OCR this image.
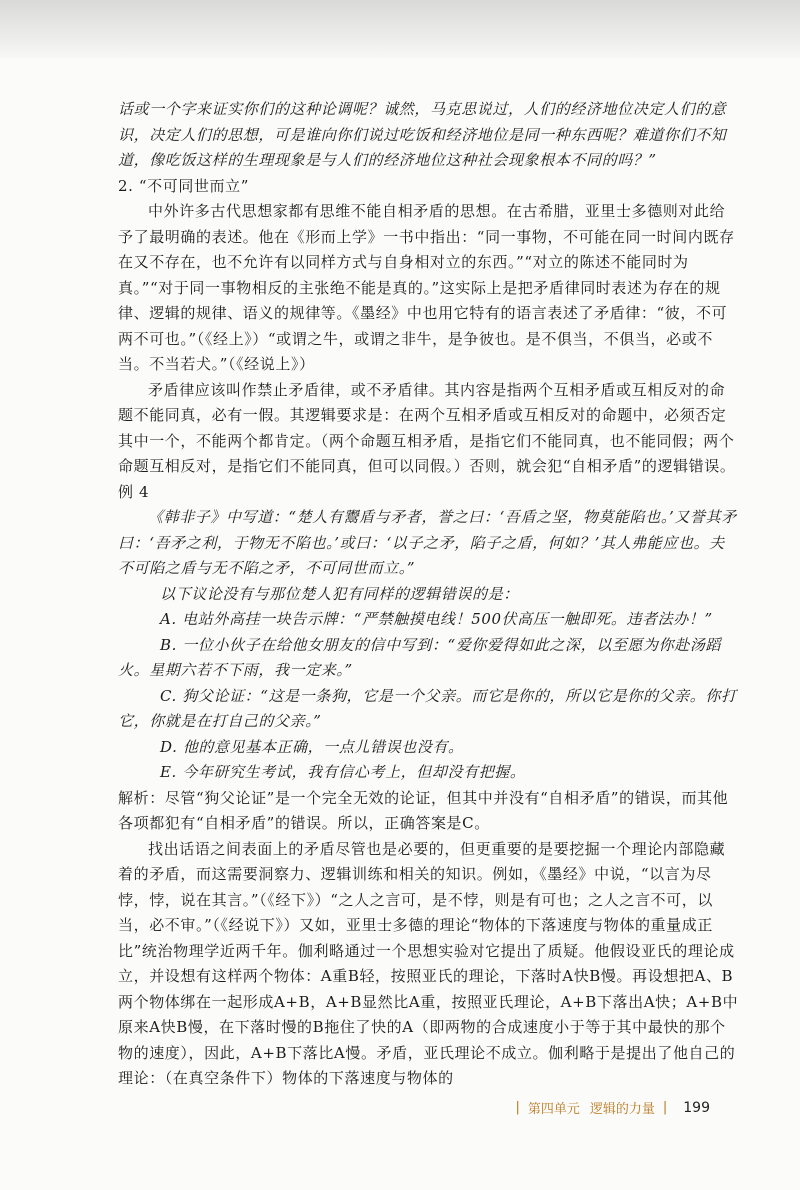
话或一个字来证实你们的这种论调呢？诚然，马克思说过，人们的经济地位决定人们的意识，决定人们的思想，可是谁向你们说过吃饭和经济地位是同一种东西呢？难道你们不知道，像吃饭这样的生理现象是与人们的经济地位这种社会现象根本不同的吗？”

2. “不可同世而立”

中外许多古代思想家都有思维不能自相矛盾的思想。在古希腊，亚里士多德则对此给予了最明确的表述。他在《形而上学》一书中指出：“同一事物，不可能在同一时间内既存在又不存在，也不允许有以同样方式与自身相对立的东西。”“对立的陈述不能同时为真。”“对于同一事物相反的主张绝不能是真的。”这实际上是把矛盾律同时表述为存在的规律、逻辑的规律、语义的规律等。《墨经》中也用它特有的语言表述了矛盾律：“彼，不可两不可也。”（《经上》）“或谓之牛，或谓之非牛，是争彼也。是不俱当，不俱当，必或不当。不当若犬。”（《经说上》）

矛盾律应该叫作禁止矛盾律，或不矛盾律。其内容是指两个互相矛盾或互相反对的命题不能同真，必有一假。其逻辑要求是：在两个互相矛盾或互相反对的命题中，必须否定其中一个，不能两个都肯定。（两个命题互相矛盾，是指它们不能同真，也不能同假；两个命题互相反对，是指它们不能同真，但可以同假。）否则，就会犯“自相矛盾”的逻辑错误。

例 4

《韩非子》中写道：“楚人有鬻盾与矛者，誉之曰：‘吾盾之坚，物莫能陷也。’又誉其矛曰：‘吾矛之利，于物无不陷也。’或曰：‘以子之矛，陷子之盾，何如？’其人弗能应也。夫不可陷之盾与无不陷之矛，不可同世而立。”

以下议论没有与那位楚人犯有同样的逻辑错误的是：

A. 电站外高挂一块告示牌：“严禁触摸电线！500伏高压一触即死。违者法办！”

B. 一位小伙子在给他女朋友的信中写到：“爱你爱得如此之深，以至愿为你赴汤蹈火。星期六若不下雨，我一定来。”

C. 狗父论证：“这是一条狗，它是一个父亲。而它是你的，所以它是你的父亲。你打它，你就是在打自己的父亲。”

D. 他的意见基本正确，一点儿错误也没有。

E. 今年研究生考试，我有信心考上，但却没有把握。

解析：尽管“狗父论证”是一个完全无效的论证，但其中并没有“自相矛盾”的错误，而其他各项都犯有“自相矛盾”的错误。所以，正确答案是C。

找出话语之间表面上的矛盾尽管也是必要的，但更重要的是要挖掘一个理论内部隐藏着的矛盾，而这需要洞察力、逻辑训练和相关的知识。例如，《墨经》中说，“以言为尽悖，悖，说在其言。”（《经下》）“之人之言可，是不悖，则是有可也；之人之言不可，以当，必不审。”（《经说下》）又如，亚里士多德的理论“物体的下落速度与物体的重量成正比”统治物理学近两千年。伽利略通过一个思想实验对它提出了质疑。他假设亚氏的理论成立，并设想有这样两个物体：A重B轻，按照亚氏的理论，下落时A快B慢。再设想把A、B两个物体绑在一起形成A+B，A+B显然比A重，按照亚氏理论，A+B下落出A快；A+B中原来A快B慢，在下落时慢的B拖住了快的A（即两物的合成速度小于等于其中最快的那个物的速度），因此，A+B下落比A慢。矛盾，亚氏理论不成立。伽利略于是提出了他自己的理论：（在真空条件下）物体的下落速度与物体的

| 第四单元 逻辑的力量 | 199
